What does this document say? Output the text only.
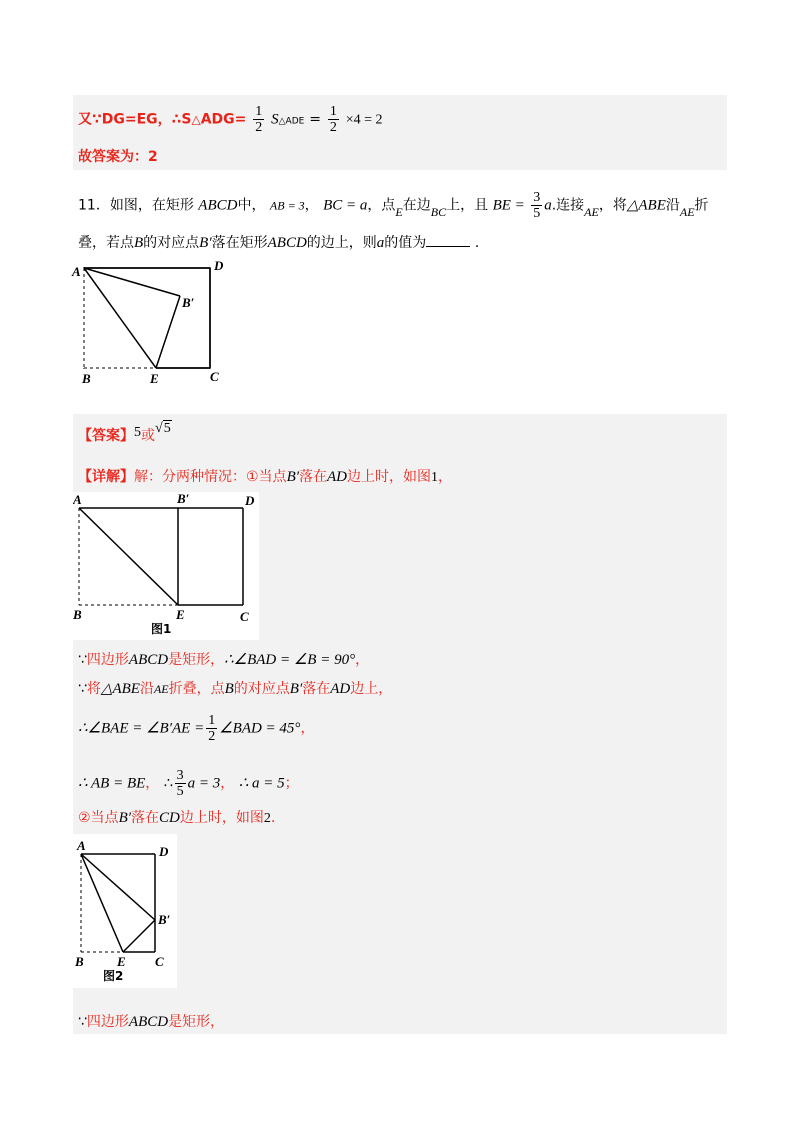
又∵DG=EG，∴S△ADG= $\frac{1}{2}$ S△ADE = $\frac{1}{2} \times 4 = 2$
故答案为：2
11．如图，在矩形 ABCD中， AB = 3， BC = a，点E在边BC上，且 BE = $\frac{3}{5} a$.连接AE，将△ABE沿AE折
叠，若点B的对应点B′落在矩形ABCD的边上，则a的值为	.
A	D
B′
B	E	C
【答案】5或√5
【详解】解：分两种情况：①当点B′落在AD边上时，如图1，
A	B′	D
B	E	C
图1
∵四边形ABCD是矩形，∴∠BAD = ∠B = 90°，
∵将△ABE沿AE折叠，点B的对应点B′落在AD边上，
∴∠BAE = ∠B′AE = $\frac{1}{2}$ ∠BAD = 45°，
∴ AB = BE， ∴ $\frac{3}{5}$ a = 3， ∴ a = 5；
②当点B′落在CD边上时，如图2.
A	D
B′
B	E C
图2
∵四边形ABCD是矩形，
